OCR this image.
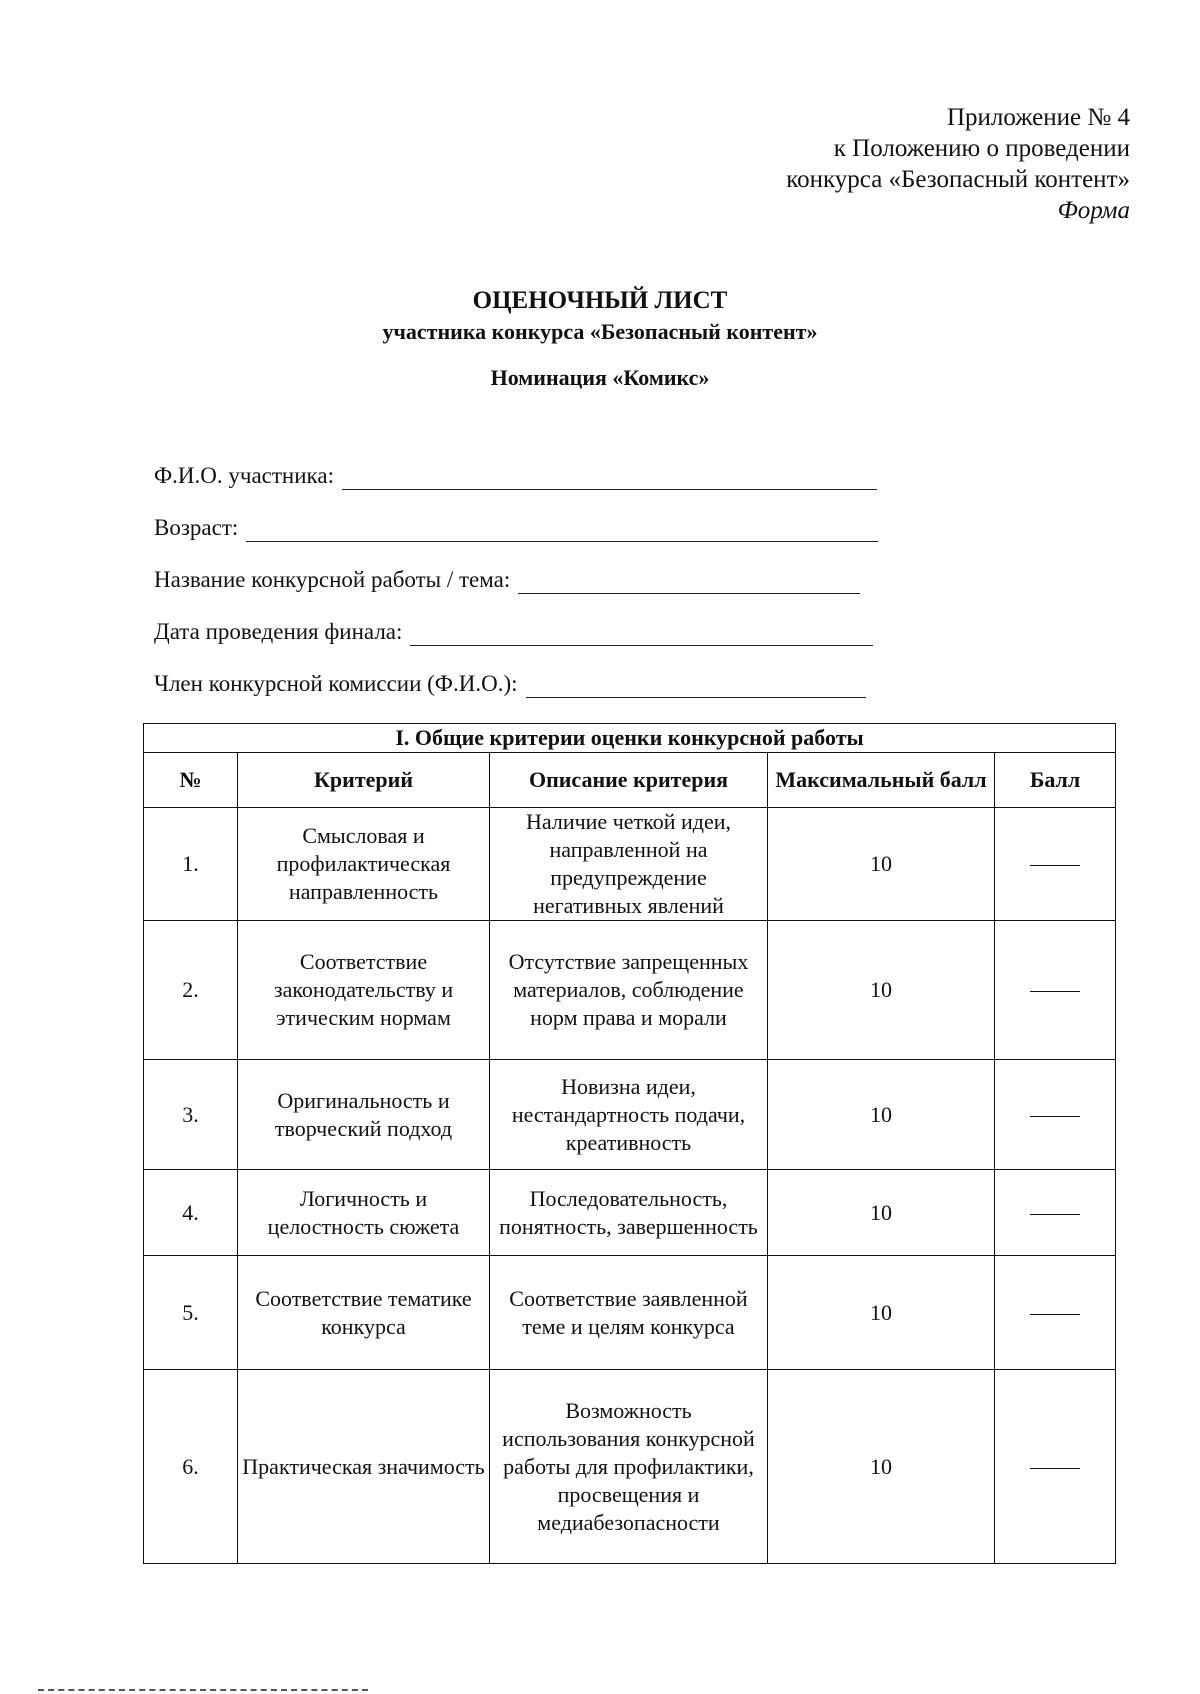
Приложение № 4
к Положению о проведении
конкурса «Безопасный контент»
Форма
ОЦЕНОЧНЫЙ ЛИСТ
участника конкурса «Безопасный контент»
Номинация «Комикс»
Ф.И.О. участника:
Возраст:
Название конкурсной работы / тема:
Дата проведения финала:
Член конкурсной комиссии (Ф.И.О.):
I. Общие критерии оценки конкурсной работы				
№	Критерий	Описание критерия	Максимальный балл	Балл
1.	Смысловая и профилактическая направленность	Наличие четкой идеи, направленной на предупреждение негативных явлений	10	
2.	Соответствие законодательству и этическим нормам	Отсутствие запрещенных материалов, соблюдение норм права и морали	10	
3.	Оригинальность и творческий подход	Новизна идеи, нестандартность подачи, креативность	10	
4.	Логичность и целостность сюжета	Последовательность, понятность, завершенность	10	
5.	Соответствие тематике конкурса	Соответствие заявленной теме и целям конкурса	10	
6.	Практическая значимость	Возможность использования конкурсной работы для профилактики, просвещения и медиабезопасности	10	
